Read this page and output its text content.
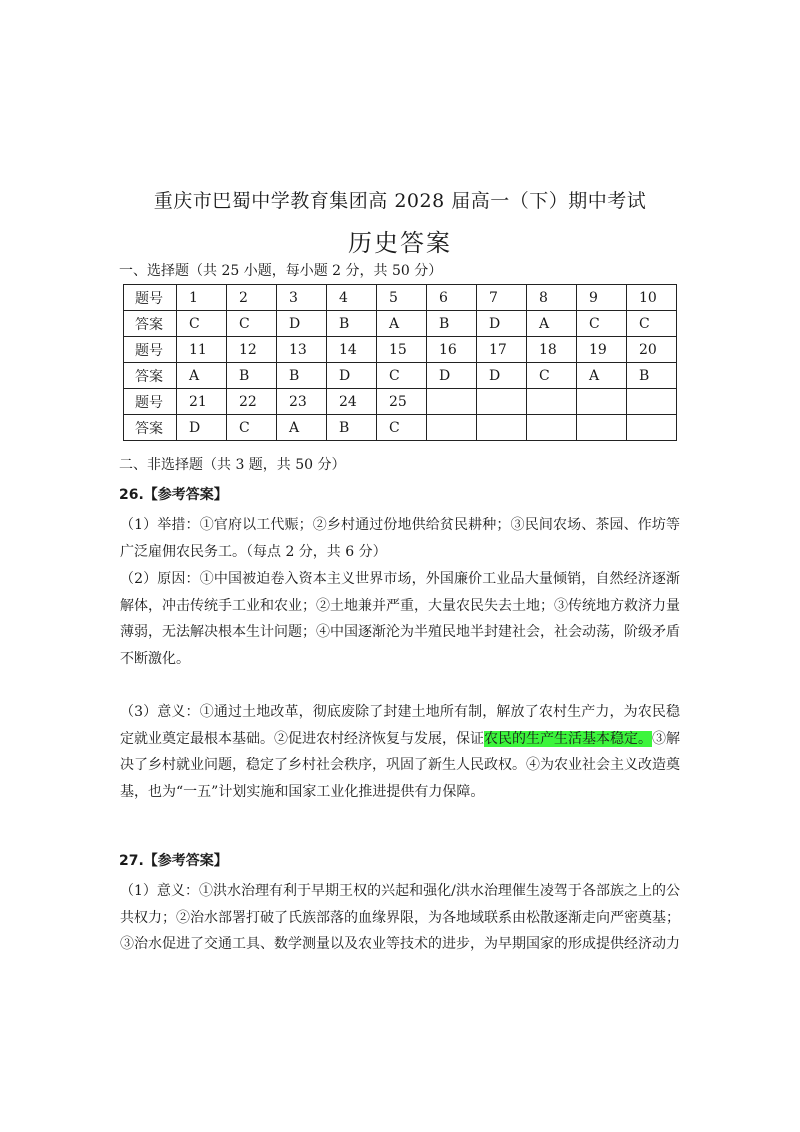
重庆市巴蜀中学教育集团高 2028 届高一（下）期中考试
历史答案
一、选择题（共 25 小题，每小题 2 分，共 50 分）
题号	1	2	3	4	5	6	7	8	9	10
答案	C	C	D	B	A	B	D	A	C	C
题号	11	12	13	14	15	16	17	18	19	20
答案	A	B	B	D	C	D	D	C	A	B
题号	21	22	23	24	25					
答案	D	C	A	B	C					
二、非选择题（共 3 题，共 50 分）
26.【参考答案】
（1）举措：①官府以工代赈；②乡村通过份地供给贫民耕种；③民间农场、茶园、作坊等广泛雇佣农民务工。（每点 2 分，共 6 分）
（2）原因：①中国被迫卷入资本主义世界市场，外国廉价工业品大量倾销，自然经济逐渐解体，冲击传统手工业和农业；②土地兼并严重，大量农民失去土地；③传统地方救济力量薄弱，无法解决根本生计问题；④中国逐渐沦为半殖民地半封建社会，社会动荡，阶级矛盾不断激化。
（3）意义：①通过土地改革，彻底废除了封建土地所有制，解放了农村生产力，为农民稳定就业奠定最根本基础。②促进农村经济恢复与发展，保证农民的生产生活基本稳定。③解决了乡村就业问题，稳定了乡村社会秩序，巩固了新生人民政权。④为农业社会主义改造奠基，也为“一五”计划实施和国家工业化推进提供有力保障。
27.【参考答案】
（1）意义：①洪水治理有利于早期王权的兴起和强化/洪水治理催生凌驾于各部族之上的公共权力；②治水部署打破了氏族部落的血缘界限，为各地域联系由松散逐渐走向严密奠基；③治水促进了交通工具、数学测量以及农业等技术的进步，为早期国家的形成提供经济动力
